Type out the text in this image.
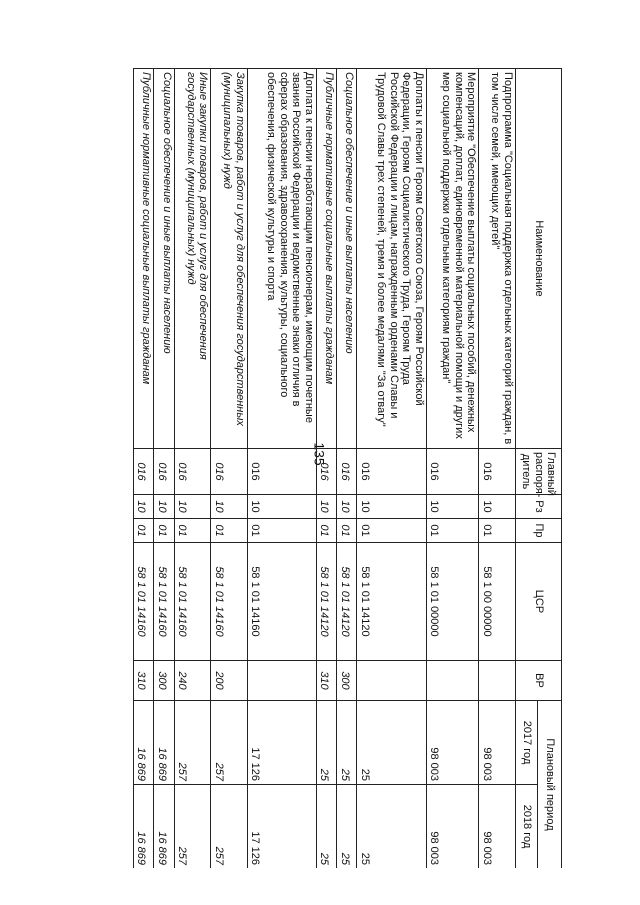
135
Наименование	Главный распоря-дитель	Рз	Пр	ЦСР	ВР	Плановый период	
						2017 год	2018 год
Подпрограмма "Социальная поддержка отдельных категорий граждан, в том числе семей, имеющих детей"	016	10	01	58 1 00 00000		98 003	98 003
Мероприятие "Обеспечение выплаты социальных пособий, денежных компенсаций, доплат, единовременной материальной помощи и других мер социальной поддержки отдельным категориям граждан"	016	10	01	58 1 01 00000		98 003	98 003
Доплаты к пенсии Героям Советского Союза, Героям Российской Федерации, Героям Социалистического Труда, Героям Труда Российской Федерации и лицам, награжденным орденами Славы и Трудовой Славы трех степеней, тремя и более медалями "За отвагу"	016	10	01	58 1 01 14120		25	25
Социальное обеспечение и иные выплаты населению	016	10	01	58 1 01 14120	300	25	25
Публичные нормативные социальные выплаты гражданам	016	10	01	58 1 01 14120	310	25	25
Доплата к пенсии неработающим пенсионерам, имеющим почетные звания Российской Федерации и ведомственные знаки отличия в сферах образования, здравоохранения, культуры, социального обеспечения, физической культуры и спорта	016	10	01	58 1 01 14160		17 126	17 126
Закупка товаров, работ и услуг для обеспечения государственных (муниципальных) нужд	016	10	01	58 1 01 14160	200	257	257
Иные закупки товаров, работ и услуг для обеспечения государственных (муниципальных) нужд	016	10	01	58 1 01 14160	240	257	257
Социальное обеспечение и иные выплаты населению	016	10	01	58 1 01 14160	300	16 869	16 869
Публичные нормативные социальные выплаты гражданам	016	10	01	58 1 01 14160	310	16 869	16 869
